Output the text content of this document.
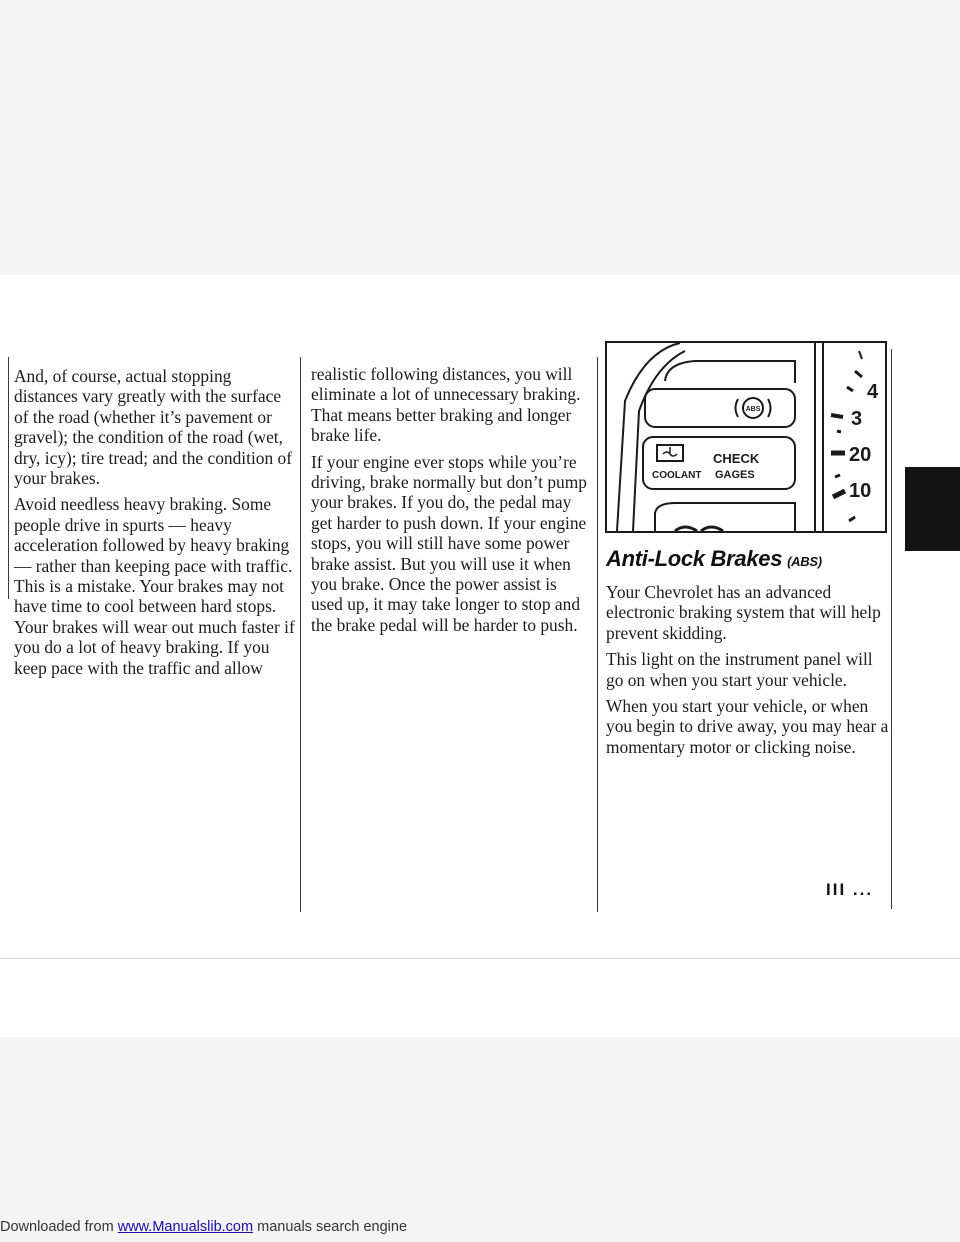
And, of course, actual stopping distances vary greatly with the surface of the road (whether it’s pavement or gravel); the condition of the road (wet, dry, icy); tire tread; and the condition of your brakes.

Avoid needless heavy braking. Some people drive in spurts — heavy acceleration followed by heavy braking — rather than keeping pace with traffic. This is a mistake. Your brakes may not have time to cool between hard stops. Your brakes will wear out much faster if you do a lot of heavy braking. If you keep pace with the traffic and allow

realistic following distances, you will eliminate a lot of unnecessary braking. That means better braking and longer brake life.

If your engine ever stops while you’re driving, brake normally but don’t pump your brakes. If you do, the pedal may get harder to push down. If your engine stops, you will still have some power brake assist. But you will use it when you brake. Once the power assist is used up, it may take longer to stop and the brake pedal will be harder to push.

ABS
COOLANT
CHECK
GAGES
4
3
20
10
Anti-Lock Brakes (ABS)

Your Chevrolet has an advanced electronic braking system that will help prevent skidding.

This light on the instrument panel will go on when you start your vehicle.

When you start your vehicle, or when you begin to drive away, you may hear a momentary motor or clicking noise.

III ...
Downloaded from www.Manualslib.com manuals search engine
